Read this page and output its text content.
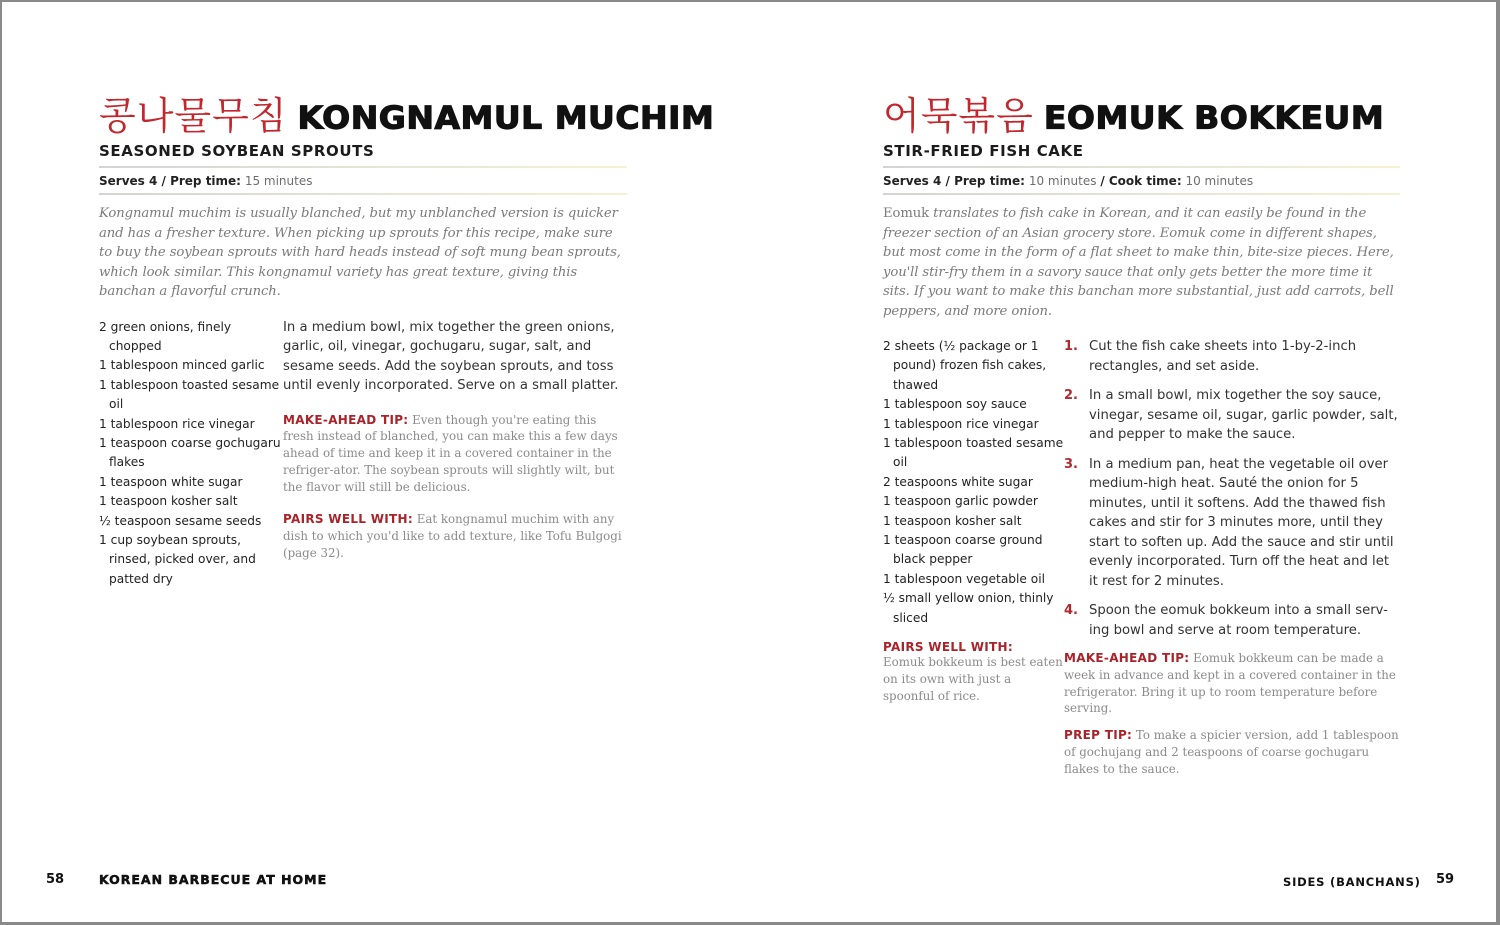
콩나물무침 KONGNAMUL MUCHIM
SEASONED SOYBEAN SPROUTS
Serves 4 / Prep time: 15 minutes

Kongnamul muchim is usually blanched, but my unblanched version is quicker and has a fresher texture. When picking up sprouts for this recipe, make sure to buy the soybean sprouts with hard heads instead of soft mung bean sprouts, which look similar. This kongnamul variety has great texture, giving this banchan a flavorful crunch.

2 green onions, finely chopped
1 tablespoon minced garlic
1 tablespoon toasted sesame oil
1 tablespoon rice vinegar
1 teaspoon coarse gochugaru flakes
1 teaspoon white sugar
1 teaspoon kosher salt
½ teaspoon sesame seeds
1 cup soybean sprouts, rinsed, picked over, and patted dry

In a medium bowl, mix together the green onions, garlic, oil, vinegar, gochugaru, sugar, salt, and sesame seeds. Add the soybean sprouts, and toss until evenly incorporated. Serve on a small platter.

MAKE-AHEAD TIP: Even though you're eating this fresh instead of blanched, you can make this a few days ahead of time and keep it in a covered container in the refriger-ator. The soybean sprouts will slightly wilt, but the flavor will still be delicious.

PAIRS WELL WITH: Eat kongnamul muchim with any dish to which you'd like to add texture, like Tofu Bulgogi (page 32).

58	KOREAN BARBECUE AT HOME
어묵볶음 EOMUK BOKKEUM
STIR-FRIED FISH CAKE
Serves 4 / Prep time: 10 minutes / Cook time: 10 minutes

Eomuk translates to fish cake in Korean, and it can easily be found in the freezer section of an Asian grocery store. Eomuk come in different shapes, but most come in the form of a flat sheet to make thin, bite-size pieces. Here, you'll stir-fry them in a savory sauce that only gets better the more time it sits. If you want to make this banchan more substantial, just add carrots, bell peppers, and more onion.

2 sheets (½ package or 1 pound) frozen fish cakes, thawed
1 tablespoon soy sauce
1 tablespoon rice vinegar
1 tablespoon toasted sesame oil
2 teaspoons white sugar
1 teaspoon garlic powder
1 teaspoon kosher salt
1 teaspoon coarse ground black pepper
1 tablespoon vegetable oil
½ small yellow onion, thinly sliced
PAIRS WELL WITH:
Eomuk bokkeum is best eaten on its own with just a spoonful of rice.
1. Cut the fish cake sheets into 1-by-2-inch rectangles, and set aside.
2. In a small bowl, mix together the soy sauce, vinegar, sesame oil, sugar, garlic powder, salt, and pepper to make the sauce.
3. In a medium pan, heat the vegetable oil over medium-high heat. Sauté the onion for 5 minutes, until it softens. Add the thawed fish cakes and stir for 3 minutes more, until they start to soften up. Add the sauce and stir until evenly incorporated. Turn off the heat and let it rest for 2 minutes.
4. Spoon the eomuk bokkeum into a small serv-ing bowl and serve at room temperature.

MAKE-AHEAD TIP: Eomuk bokkeum can be made a week in advance and kept in a covered container in the refrigerator. Bring it up to room temperature before serving.

PREP TIP: To make a spicier version, add 1 tablespoon of gochujang and 2 teaspoons of coarse gochugaru flakes to the sauce.

SIDES (BANCHANS) 59
